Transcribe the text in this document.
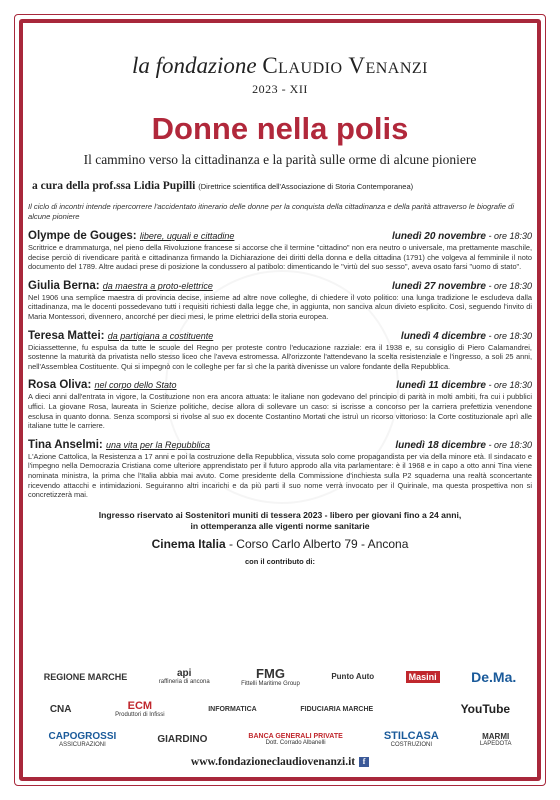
la fondazione Claudio Venanzi
2023 - XII
Donne nella polis
Il cammino verso la cittadinanza e la parità sulle orme di alcune pioniere
a cura della prof.ssa Lidia Pupilli (Direttrice scientifica dell'Associazione di Storia Contemporanea)
Il ciclo di incontri intende ripercorrere l'accidentato itinerario delle donne per la conquista della cittadinanza e della parità attraverso le biografie di alcune pioniere
Olympe de Gouges: libere, uguali e cittadine	lunedì 20 novembre - ore 18:30
Scrittrice e drammaturga, nel pieno della Rivoluzione francese si accorse che il termine "cittadino" non era neutro o universale, ma prettamente maschile, decise perciò di rivendicare parità e cittadinanza firmando la Dichiarazione dei diritti della donna e della cittadina (1791) che volgeva al femminile il noto documento del 1789. Altre audaci prese di posizione la condussero al patibolo: dimenticando le "virtù del suo sesso", aveva osato farsi "uomo di stato".
Giulia Berna: da maestra a proto-elettrice	lunedì 27 novembre - ore 18:30
Nel 1906 una semplice maestra di provincia decise, insieme ad altre nove colleghe, di chiedere il voto politico: una lunga tradizione le escludeva dalla cittadinanza, ma le docenti possedevano tutti i requisiti richiesti dalla legge che, in aggiunta, non sanciva alcun divieto esplicito. Così, seguendo l'invito di Maria Montessori, divennero, ancorché per dieci mesi, le prime elettrici della storia europea.
Teresa Mattei: da partigiana a costituente	lunedì 4 dicembre - ore 18:30
Diciassettenne, fu espulsa da tutte le scuole del Regno per proteste contro l'educazione razziale: era il 1938 e, su consiglio di Piero Calamandrei, sostenne la maturità da privatista nello stesso liceo che l'aveva estromessa. All'orizzonte l'attendevano la scelta resistenziale e l'ingresso, a soli 25 anni, nell'Assemblea Costituente. Qui si impegnò con le colleghe per far sì che la parità divenisse un valore fondante della Repubblica.
Rosa Oliva: nel corpo dello Stato	lunedì 11 dicembre - ore 18:30
A dieci anni dall'entrata in vigore, la Costituzione non era ancora attuata: le italiane non godevano del principio di parità in molti ambiti, fra cui i pubblici uffici. La giovane Rosa, laureata in Scienze politiche, decise allora di sollevare un caso: si iscrisse a concorso per la carriera prefettizia venendone esclusa in quanto donna. Senza scomporsi si rivolse al suo ex docente Costantino Mortati che istruì un ricorso vittorioso: la Corte costituzionale aprì alle italiane tutte le carriere.
Tina Anselmi: una vita per la Repubblica	lunedì 18 dicembre - ore 18:30
L'Azione Cattolica, la Resistenza a 17 anni e poi la costruzione della Repubblica, vissuta solo come propagandista per via della minore età. Il sindacato e l'impegno nella Democrazia Cristiana come ulteriore apprendistato per il futuro approdo alla vita parlamentare: è il 1968 e in capo a otto anni Tina viene nominata ministra, la prima che l'Italia abbia mai avuto. Come presidente della Commissione d'inchiesta sulla P2 squaderna una realtà sconcertante ricevendo attacchi e intimidazioni. Seguiranno altri incarichi e da più parti il suo nome verrà invocato per il Quirinale, ma questa prospettiva non si concretizzerà mai.
Ingresso riservato ai Sostenitori muniti di tessera 2023 - libero per giovani fino a 24 anni,
in ottemperanza alle vigenti norme sanitarie
Cinema Italia - Corso Carlo Alberto 79 - Ancona
con il contributo di:
REGIONE MARCHE	api
raffineria di ancona
FMG
Fittelli Maritime Group
Punto Auto	Masini De.Ma.
CNA	ECM
Produttori di Infissi
INFORMATICA	FIDUCIARIA MARCHE	YouTube
CAPOGROSSI
ASSICURAZIONI	GIARDINO	BANCA GENERALI PRIVATE
Dott. Corrado Albanelli
STILCASA
COSTRUZIONI
MARMI
LAPEDOTA
www.fondazioneclaudiovenanzi.it f
